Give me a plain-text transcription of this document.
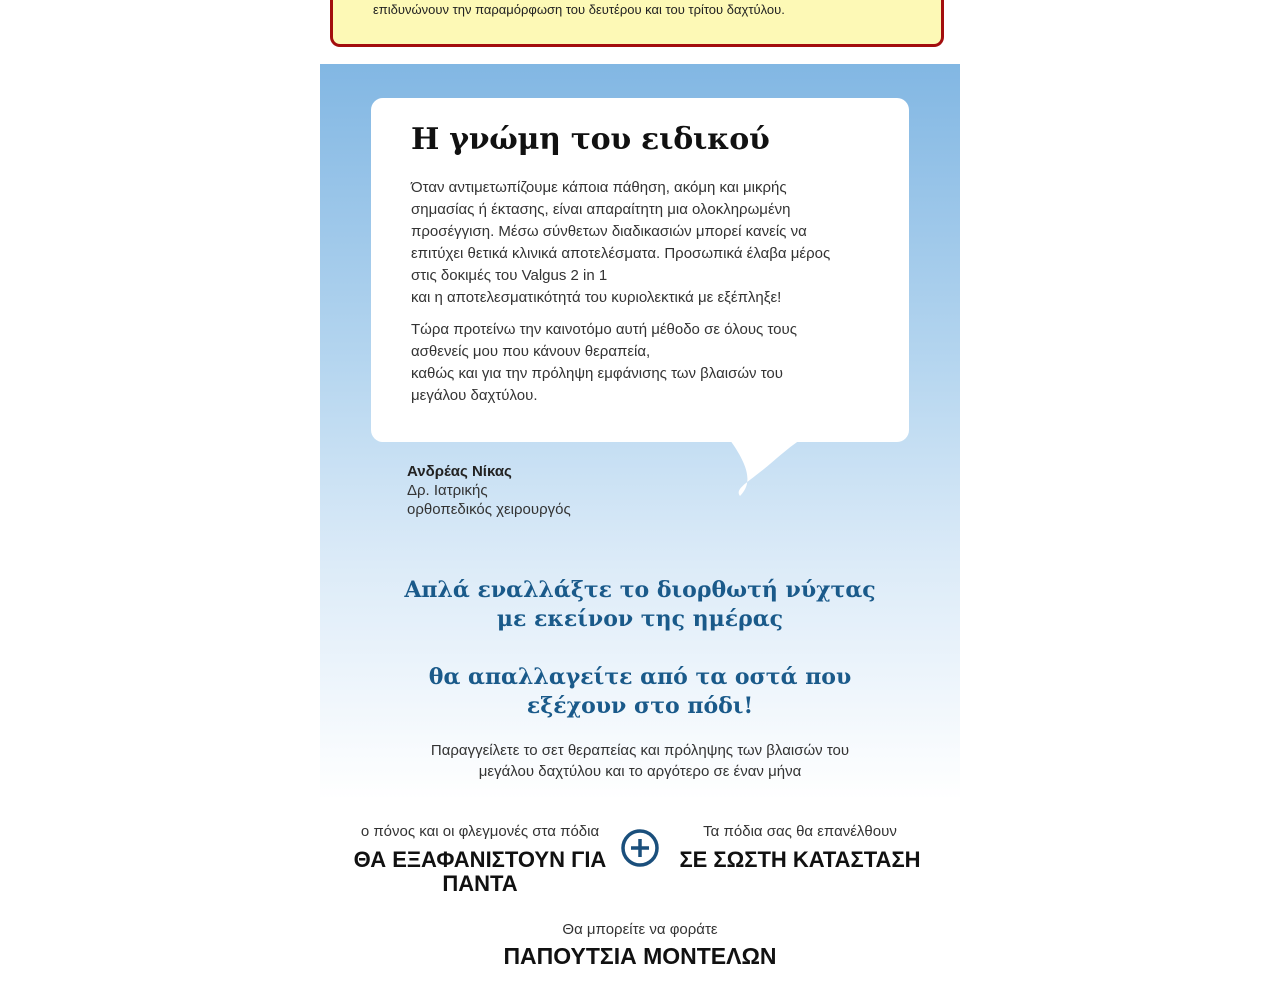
επιδυνώνουν την παραμόρφωση του δευτέρου και του τρίτου δαχτύλου.
Η γνώμη του ειδικού

Όταν αντιμετωπίζουμε κάποια πάθηση, ακόμη και μικρής
σημασίας ή έκτασης, είναι απαραίτητη μια ολοκληρωμένη
προσέγγιση. Μέσω σύνθετων διαδικασιών μπορεί κανείς να
επιτύχει θετικά κλινικά αποτελέσματα. Προσωπικά έλαβα μέρος
στις δοκιμές του Valgus 2 in 1
και η αποτελεσματικότητά του κυριολεκτικά με εξέπληξε!

Τώρα προτείνω την καινοτόμο αυτή μέθοδο σε όλους τους
ασθενείς μου που κάνουν θεραπεία,
καθώς και για την πρόληψη εμφάνισης των βλαισών του
μεγάλου δαχτύλου.

Ανδρέας Νίκας
Δρ. Ιατρικής
ορθοπεδικός χειρουργός
Απλά εναλλάξτε το διορθωτή νύχτας
με εκείνον της ημέρας
θα απαλλαγείτε από τα οστά που
εξέχουν στο πόδι!
Παραγγείλετε το σετ θεραπείας και πρόληψης των βλαισών του
μεγάλου δαχτύλου και το αργότερο σε έναν μήνα
ο πόνος και οι φλεγμονές στα πόδια
ΘΑ ΕΞΑΦΑΝΙΣΤΟΥΝ ΓΙΑ
ΠΑΝΤΑ
Τα πόδια σας θα επανέλθουν
ΣΕ ΣΩΣΤΗ ΚΑΤΑΣΤΑΣΗ
Θα μπορείτε να φοράτε
ΠΑΠΟΥΤΣΙΑ ΜΟΝΤΕΛΩΝ
